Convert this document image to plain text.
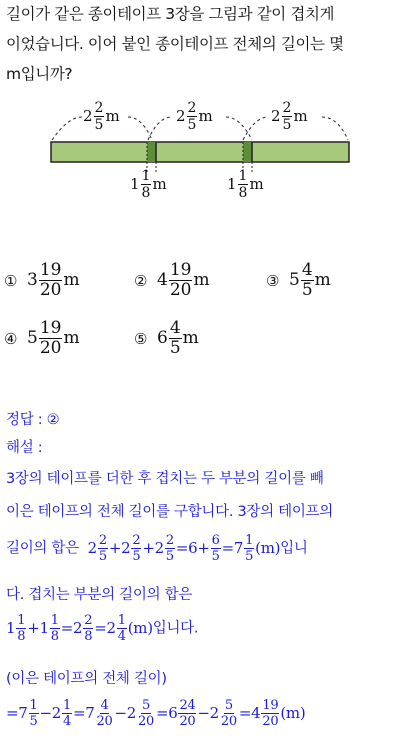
길이가 같은 종이테이프 3장을 그림과 같이 겹치게
이었습니다. 이어 붙인 종이테이프 전체의 길이는 몇
m입니까?
$2 \frac{2}{5}$ m	$2 \frac{2}{5}$ m	$2 \frac{2}{5}$ m
$1 \frac{1}{8}$ m	$1 \frac{1}{8}$ m
① $3 \frac{19}{20}$ m	② $4 \frac{19}{20}$ m	③ $5 \frac{4}{5}$ m
④ $5 \frac{19}{20}$ m	⑤ $6 \frac{4}{5}$ m
정답 : ②
해설 :
3장의 테이프를 더한 후 겹치는 두 부분의 길이를 빼
이은 테이프의 전체 길이를 구합니다. 3장의 테이프의
길이의 합은  $2 \frac{2}{5} +2 \frac{2}{5} +2 \frac{2}{5} =6+ \frac{6}{5} =7 \frac{1}{5} (m)$입니
다. 겹치는 부분의 길이의 합은
$1 \frac{1}{8} +1 \frac{1}{8} =2 \frac{2}{8} =2 \frac{1}{4} (m)$입니다.
(이은 테이프의 전체 길이)
$=7 \frac{1}{5} -2 \frac{1}{4} =7 \frac{4}{20} -2 \frac{5}{20} =6 \frac{24}{20} -2 \frac{5}{20} =4 \frac{19}{20} (m)$
